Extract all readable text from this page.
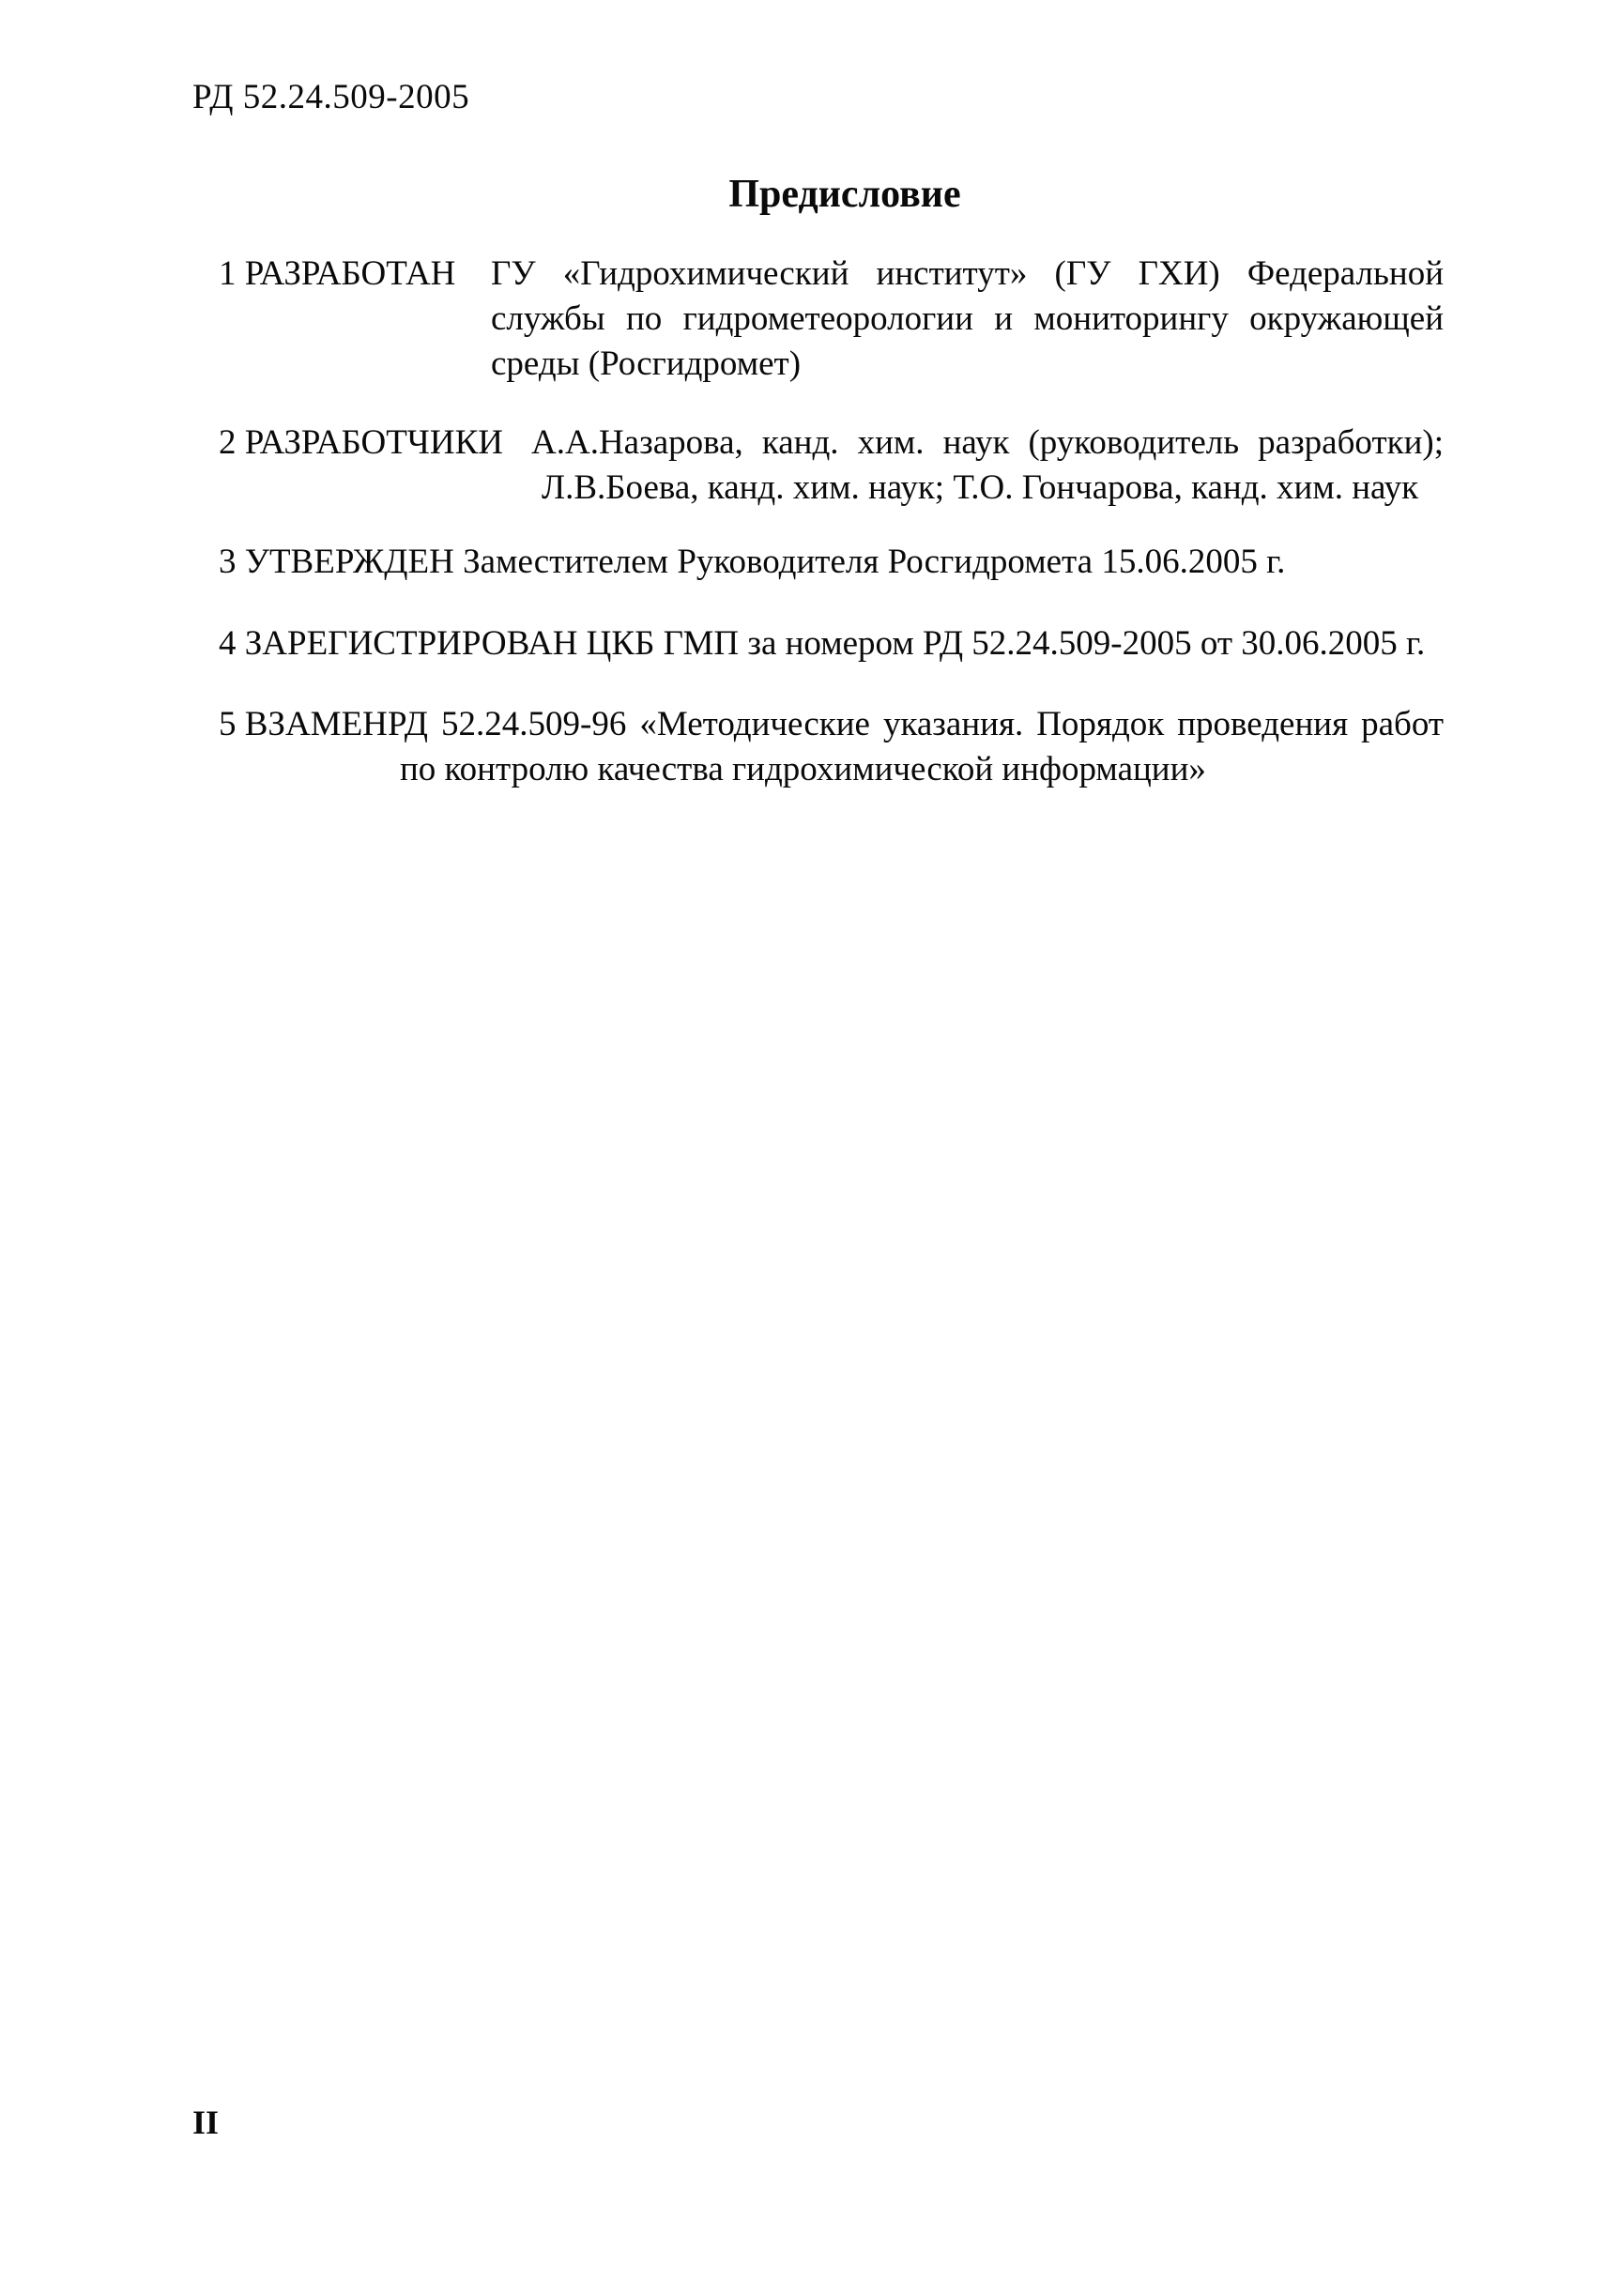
РД 52.24.509-2005
Предисловие
1 РАЗРАБОТАН ГУ «Гидрохимический институт» (ГУ ГХИ) Федеральной
службы по гидрометеорологии и мониторингу окружающей
среды (Росгидромет)
2 РАЗРАБОТЧИКИ А.А.Назарова, канд. хим. наук (руководитель разработки);
Л.В.Боева, канд. хим. наук; Т.О. Гончарова, канд. хим. наук
3 УТВЕРЖДЕН Заместителем Руководителя Росгидромета 15.06.2005 г.
4 ЗАРЕГИСТРИРОВАН ЦКБ ГМП за номером РД 52.24.509-2005 от 30.06.2005 г.
5 ВЗАМЕН РД 52.24.509-96 «Методические указания. Порядок проведения работ
по контролю качества гидрохимической информации»
II
